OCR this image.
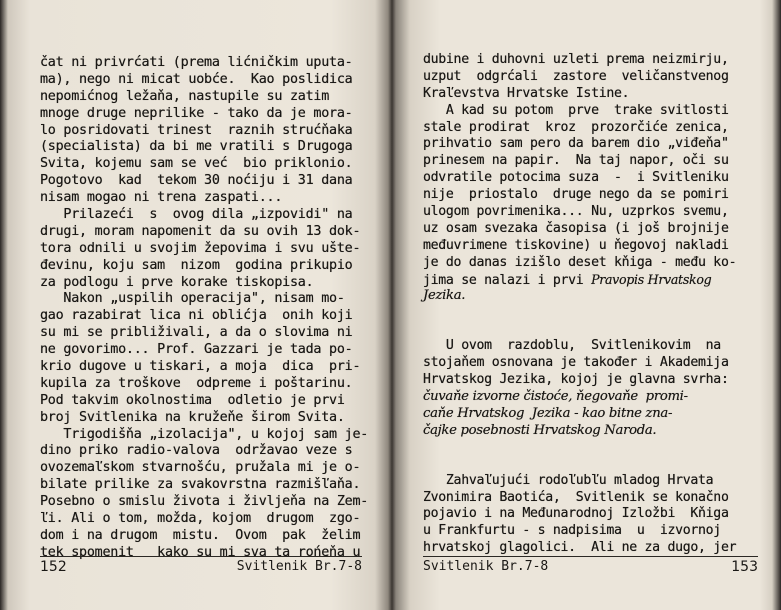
čat ni privrćati (prema lićničkim uputa-
ma), nego ni micat uobće.  Kao poslidica
nepomićnog ležaňa, nastupile su zatim
mnoge druge neprilike - tako da je mora-
lo posridovati trinest  raznih strućňaka
(specialista) da bi me vratili s Drugoga
Svita, kojemu sam se već  bio priklonio.
Pogotovo  kad  tekom 30 noćiju i 31 dana
nisam mogao ni trena zaspati...
Prilazeći  s  ovog dila „izpovidi" na
drugi, moram napomenit da su ovih 13 dok-
tora odnili u svojim žepovima i svu ušte-
đevinu, koju sam  nizom  godina prikupio
za podlogu i prve korake tiskopisa.
Nakon „uspilih operacija", nisam mo-
gao razabirat lica ni oblićja  onih koji
su mi se približivali, a da o slovima ni
ne govorimo... Prof. Gazzari je tada po-
krio dugove u tiskari, a moja  dica  pri-
kupila za troškove  odpreme i poštarinu.
Pod takvim okolnostima  odletio je prvi
broj Svitlenika na kružeňe širom Svita.
Trigodišňa „izolacija", u kojoj sam je-
dino priko radio-valova  održavao veze s
ovozemaľskom stvarnošću, pružala mi je o-
bilate prilike za svakovrstna razmišľaňa.
Posebno o smislu života i življeňa na Zem-
ľi. Ali o tom, možda, kojom  drugom  zgo-
dom i na drugom  mistu.  Ovom  pak  želim
tek spomenit   kako su mi sva ta rońeňa u
152	Svitlenik Br.7-8
dubine i duhovni uzleti prema neizmirju,
uzput  odgrćali  zastore  veličanstvenog
Kraľevstva Hrvatske Istine.
A kad su potom  prve  trake svitlosti
stale prodirat  kroz  prozorčiće zenica,
prihvatio sam pero da barem dio „viđeňa"
prinesem na papir.  Na taj napor, oči su
odvratile potocima suza  -  i Svitleniku
nije  priostalo  druge nego da se pomiri
ulogom povrimenika... Nu, uzprkos svemu,
uz osam svezaka časopisa (i još brojnije
međuvrimene tiskovine) u ňegovoj nakladi
je do danas izišlo deset kňiga - među ko-
jima se nalazi i prvi Pravopis Hrvatskog
Jezika.
U ovom  razdoblu,  Svitlenikovim  na
stojaňem osnovana je također i Akademija
Hrvatskog Jezika, kojoj je glavna svrha:
čuvaňe izvorne čistoće, ňegovaňe  promi-
caňe Hrvatskog  Jezika - kao bitne zna-
čajke posebnosti Hrvatskog Naroda.
Zahvaľujući rodoľubľu mladog Hrvata
Zvonimira Baotića,  Svitlenik se konačno
pojavio i na Međunarodnoj Izložbi  Kňiga
u Frankfurtu - s nadpisima  u  izvornoj
hrvatskoj glagolici.  Ali ne za dugo, jer
Svitlenik Br.7-8	153
